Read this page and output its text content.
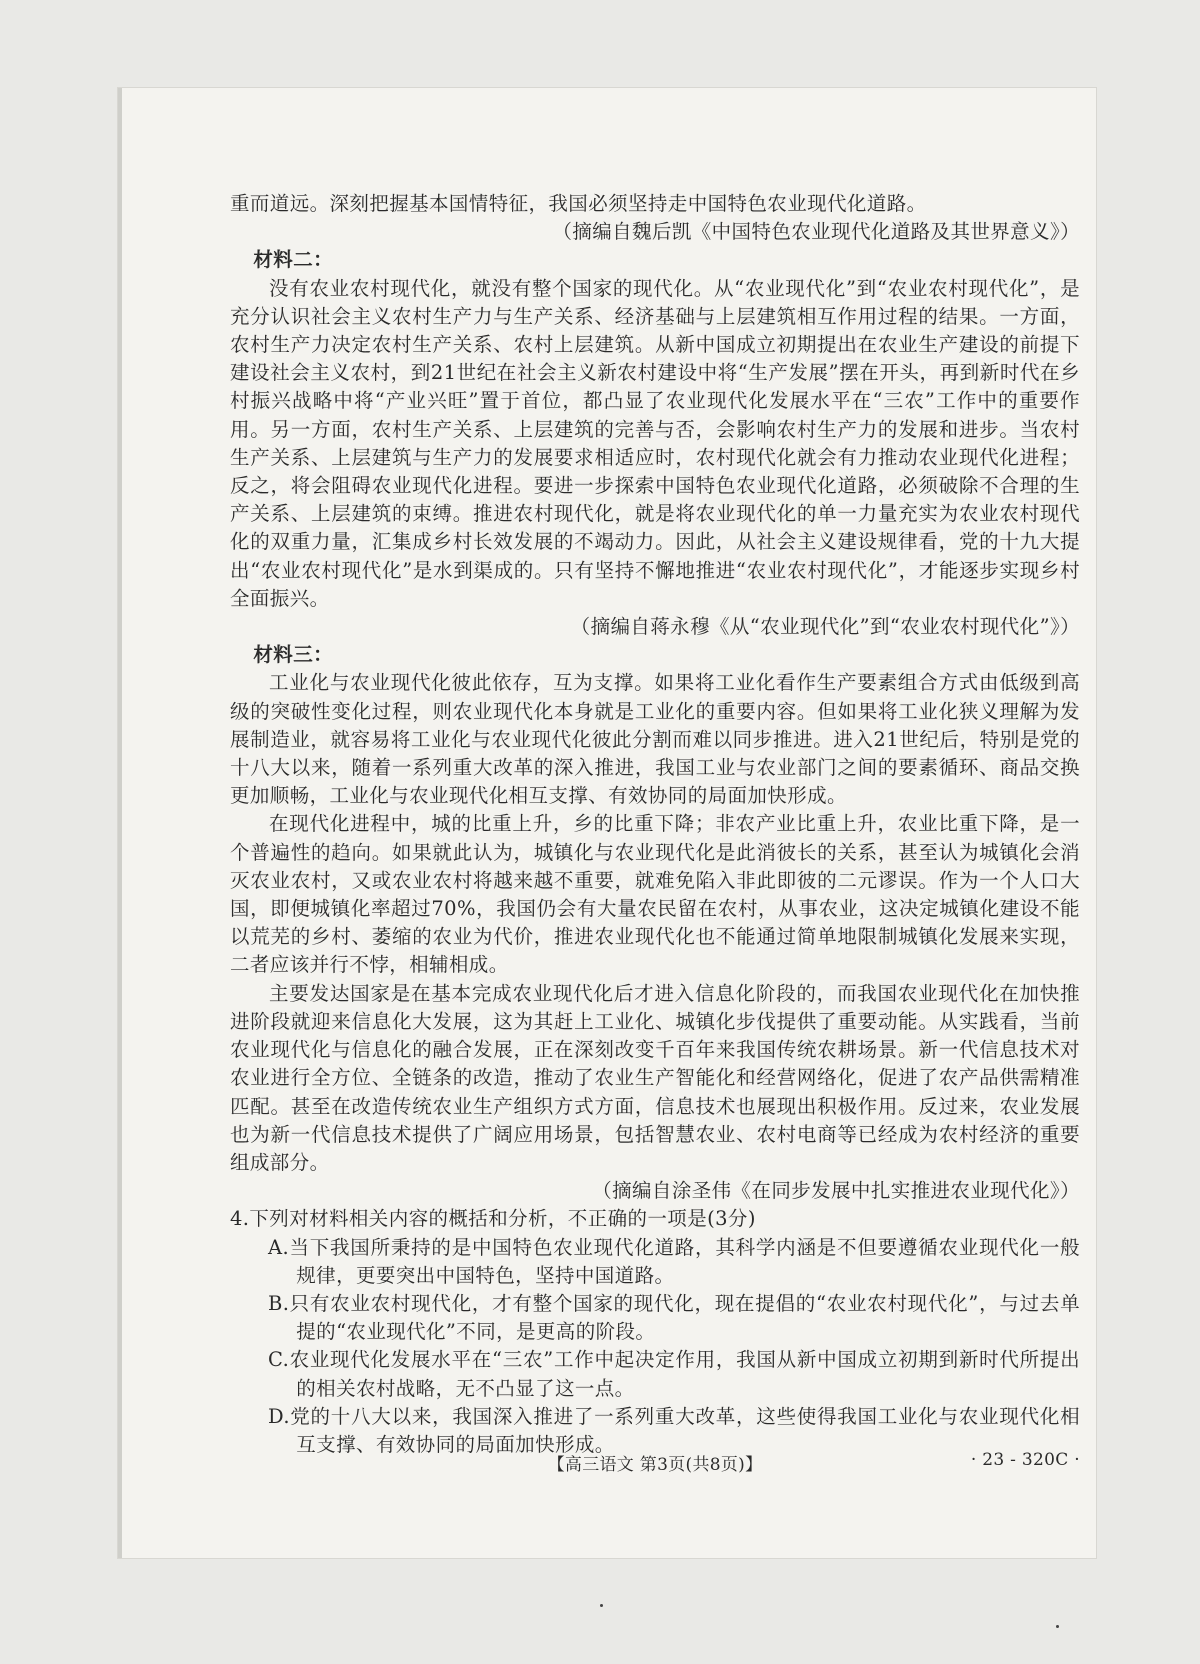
重而道远。深刻把握基本国情特征，我国必须坚持走中国特色农业现代化道路。

（摘编自魏后凯《中国特色农业现代化道路及其世界意义》）

材料二：

没有农业农村现代化，就没有整个国家的现代化。从“农业现代化”到“农业农村现代化”，是充分认识社会主义农村生产力与生产关系、经济基础与上层建筑相互作用过程的结果。一方面，农村生产力决定农村生产关系、农村上层建筑。从新中国成立初期提出在农业生产建设的前提下建设社会主义农村，到21世纪在社会主义新农村建设中将“生产发展”摆在开头，再到新时代在乡村振兴战略中将“产业兴旺”置于首位，都凸显了农业现代化发展水平在“三农”工作中的重要作用。另一方面，农村生产关系、上层建筑的完善与否，会影响农村生产力的发展和进步。当农村生产关系、上层建筑与生产力的发展要求相适应时，农村现代化就会有力推动农业现代化进程；反之，将会阻碍农业现代化进程。要进一步探索中国特色农业现代化道路，必须破除不合理的生产关系、上层建筑的束缚。推进农村现代化，就是将农业现代化的单一力量充实为农业农村现代化的双重力量，汇集成乡村长效发展的不竭动力。因此，从社会主义建设规律看，党的十九大提出“农业农村现代化”是水到渠成的。只有坚持不懈地推进“农业农村现代化”，才能逐步实现乡村全面振兴。

（摘编自蒋永穆《从“农业现代化”到“农业农村现代化”》）

材料三：

工业化与农业现代化彼此依存，互为支撑。如果将工业化看作生产要素组合方式由低级到高级的突破性变化过程，则农业现代化本身就是工业化的重要内容。但如果将工业化狭义理解为发展制造业，就容易将工业化与农业现代化彼此分割而难以同步推进。进入21世纪后，特别是党的十八大以来，随着一系列重大改革的深入推进，我国工业与农业部门之间的要素循环、商品交换更加顺畅，工业化与农业现代化相互支撑、有效协同的局面加快形成。

在现代化进程中，城的比重上升，乡的比重下降；非农产业比重上升，农业比重下降，是一个普遍性的趋向。如果就此认为，城镇化与农业现代化是此消彼长的关系，甚至认为城镇化会消灭农业农村，又或农业农村将越来越不重要，就难免陷入非此即彼的二元谬误。作为一个人口大国，即便城镇化率超过70%，我国仍会有大量农民留在农村，从事农业，这决定城镇化建设不能以荒芜的乡村、萎缩的农业为代价，推进农业现代化也不能通过简单地限制城镇化发展来实现，二者应该并行不悖，相辅相成。

主要发达国家是在基本完成农业现代化后才进入信息化阶段的，而我国农业现代化在加快推进阶段就迎来信息化大发展，这为其赶上工业化、城镇化步伐提供了重要动能。从实践看，当前农业现代化与信息化的融合发展，正在深刻改变千百年来我国传统农耕场景。新一代信息技术对农业进行全方位、全链条的改造，推动了农业生产智能化和经营网络化，促进了农产品供需精准匹配。甚至在改造传统农业生产组织方式方面，信息技术也展现出积极作用。反过来，农业发展也为新一代信息技术提供了广阔应用场景，包括智慧农业、农村电商等已经成为农村经济的重要组成部分。

（摘编自涂圣伟《在同步发展中扎实推进农业现代化》）

4.下列对材料相关内容的概括和分析，不正确的一项是(3分)

A.当下我国所秉持的是中国特色农业现代化道路，其科学内涵是不但要遵循农业现代化一般规律，更要突出中国特色，坚持中国道路。

B.只有农业农村现代化，才有整个国家的现代化，现在提倡的“农业农村现代化”，与过去单提的“农业现代化”不同，是更高的阶段。

C.农业现代化发展水平在“三农”工作中起决定作用，我国从新中国成立初期到新时代所提出的相关农村战略，无不凸显了这一点。

D.党的十八大以来，我国深入推进了一系列重大改革，这些使得我国工业化与农业现代化相互支撑、有效协同的局面加快形成。

【高三语文 第3页(共8页)】	· 23 - 320C ·
